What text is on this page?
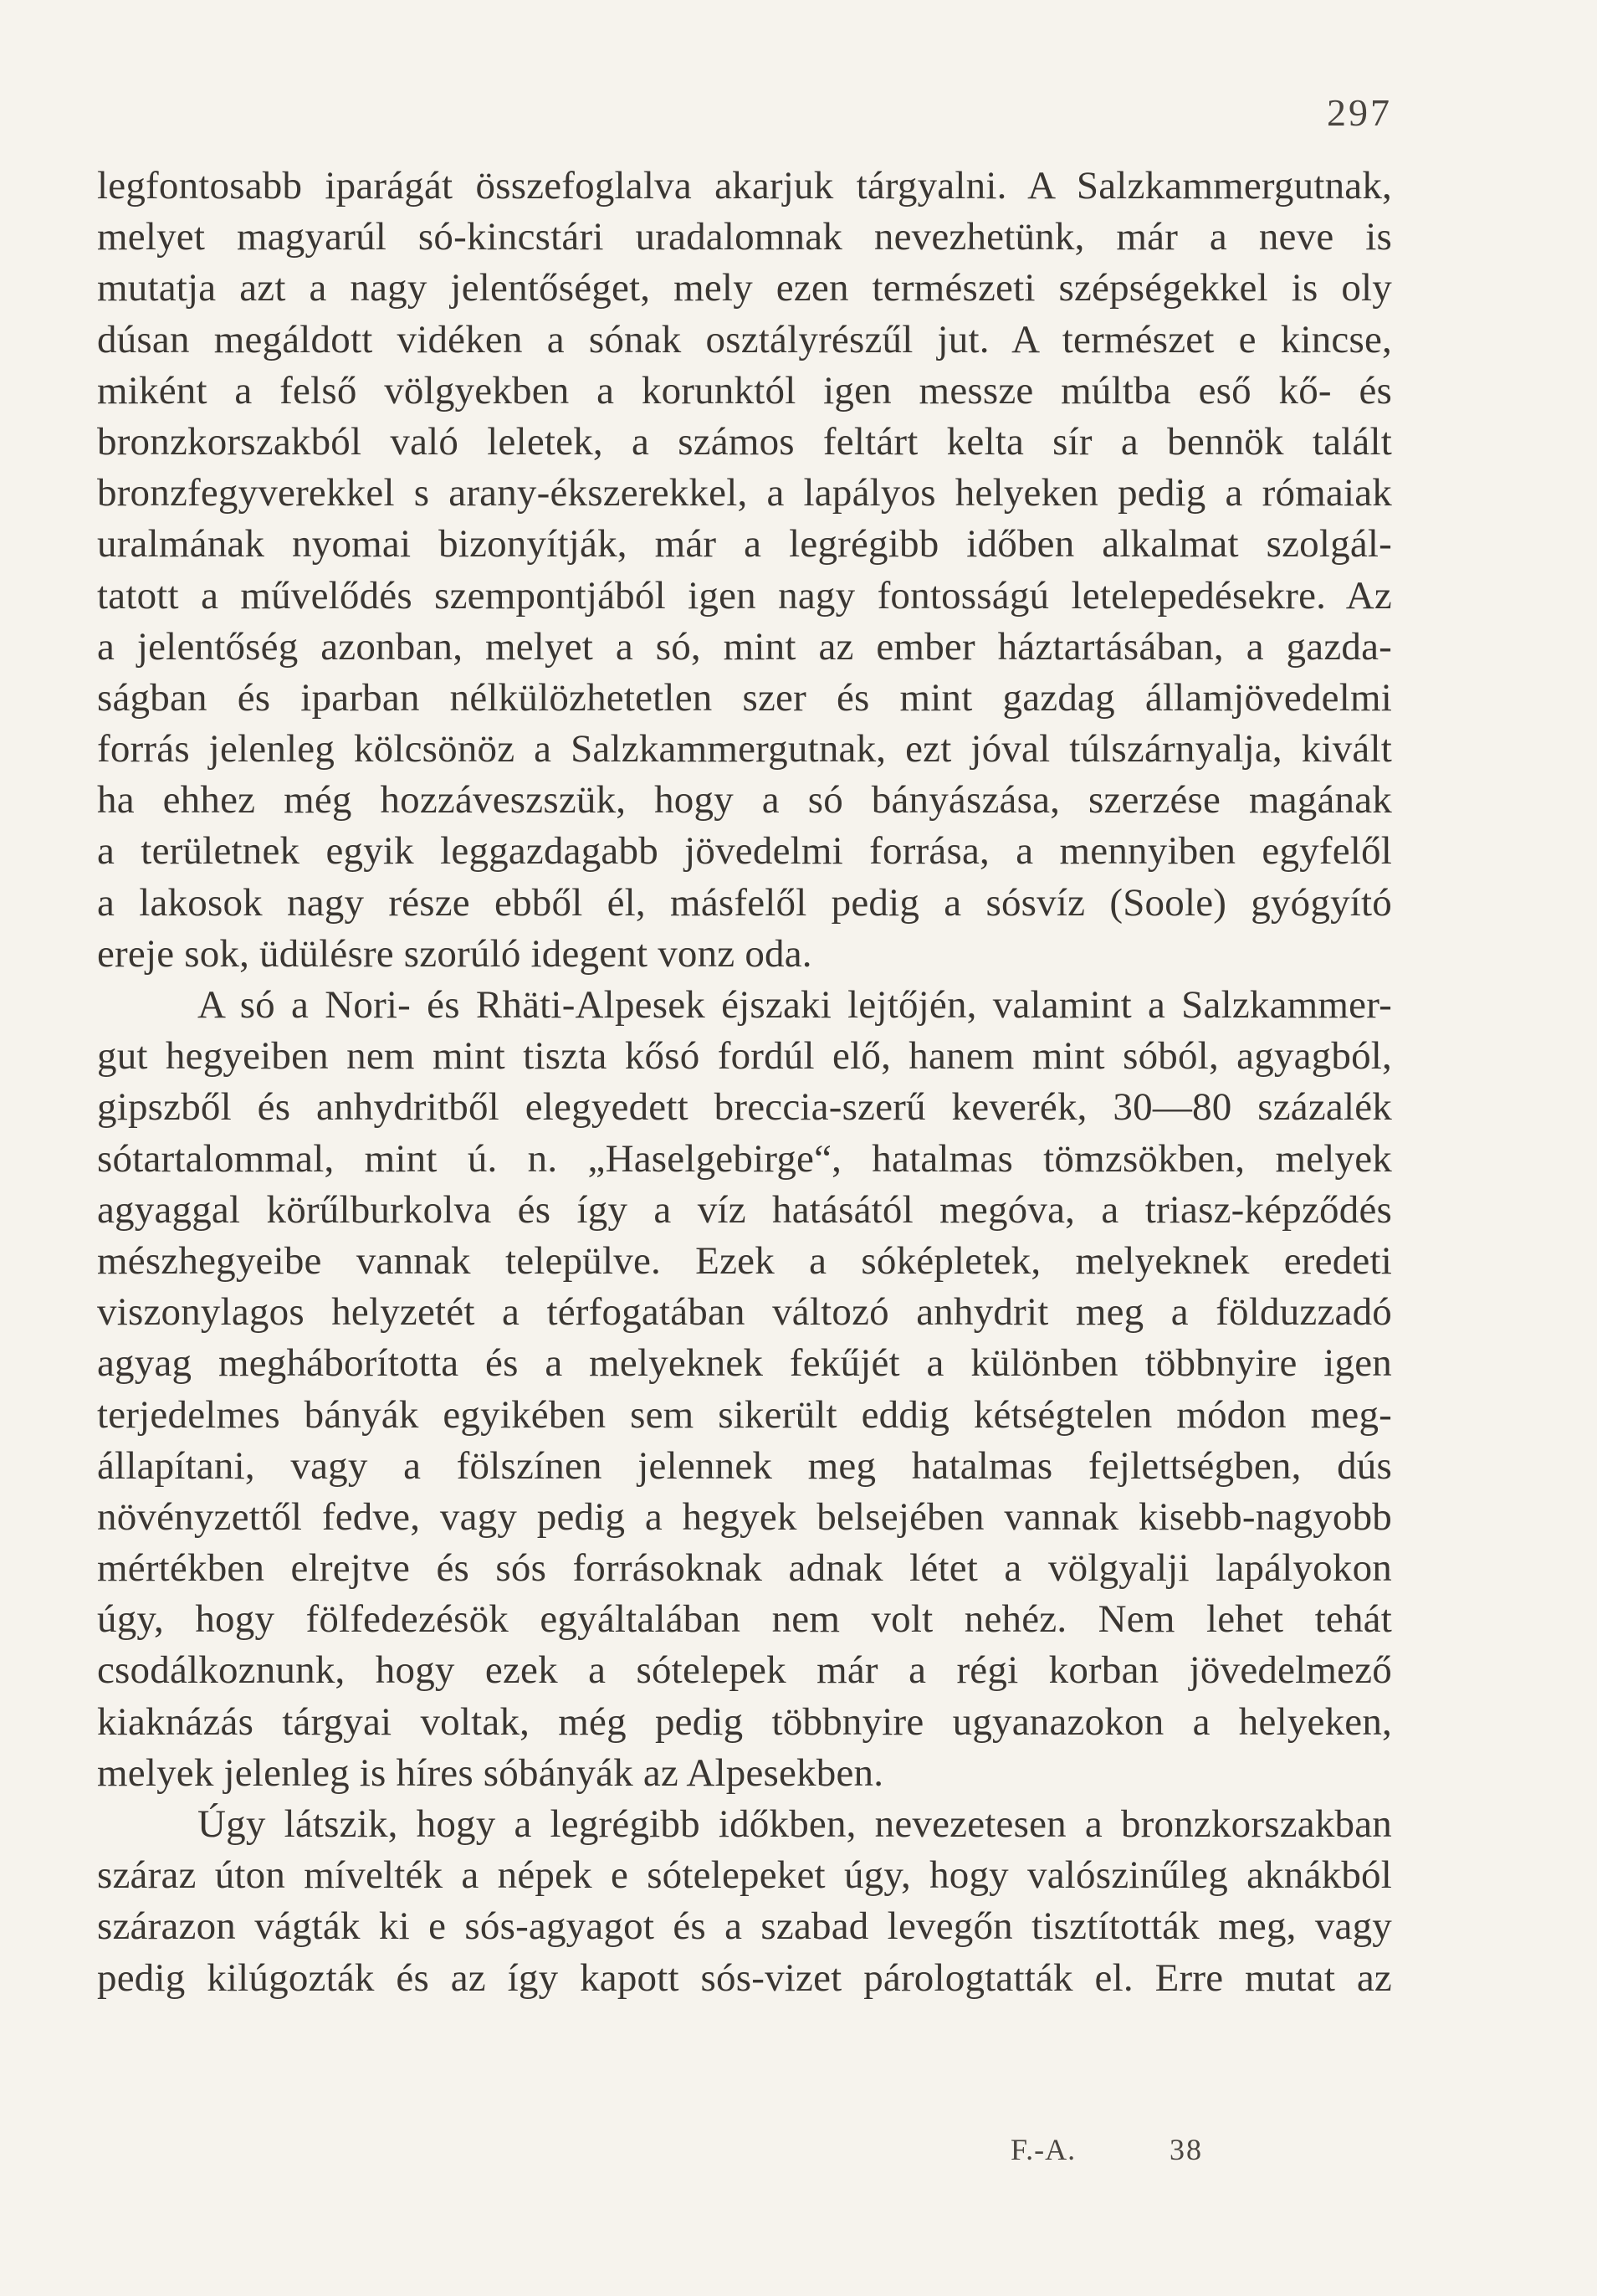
297
legfontosabb iparágát összefoglalva akarjuk tárgyalni. A Salzkammergutnak,
melyet magyarúl só-kincstári uradalomnak nevezhetünk, már a neve is
mutatja azt a nagy jelentőséget, mely ezen természeti szépségekkel is oly
dúsan megáldott vidéken a sónak osztályrészűl jut. A természet e kincse,
miként a felső völgyekben a korunktól igen messze múltba eső kő- és
bronzkorszakból való leletek, a számos feltárt kelta sír a bennök talált
bronzfegyverekkel s arany-ékszerekkel, a lapályos helyeken pedig a rómaiak
uralmának nyomai bizonyítják, már a legrégibb időben alkalmat szolgál-
tatott a művelődés szempontjából igen nagy fontosságú letelepedésekre. Az
a jelentőség azonban, melyet a só, mint az ember háztartásában, a gazda-
ságban és iparban nélkülözhetetlen szer és mint gazdag államjövedelmi
forrás jelenleg kölcsönöz a Salzkammergutnak, ezt jóval túlszárnyalja, kivált
ha ehhez még hozzáveszszük, hogy a só bányászása, szerzése magának
a területnek egyik leggazdagabb jövedelmi forrása, a mennyiben egyfelől
a lakosok nagy része ebből él, másfelől pedig a sósvíz (Soole) gyógyító
ereje sok, üdülésre szorúló idegent vonz oda.
A só a Nori- és Rhäti-Alpesek éjszaki lejtőjén, valamint a Salzkammer-
gut hegyeiben nem mint tiszta kősó fordúl elő, hanem mint sóból, agyagból,
gipszből és anhydritből elegyedett breccia-szerű keverék, 30—80 százalék
sótartalommal, mint ú. n. „Haselgebirge“, hatalmas tömzsökben, melyek
agyaggal körűlburkolva és így a víz hatásától megóva, a triasz-képződés
mészhegyeibe vannak települve. Ezek a sóképletek, melyeknek eredeti
viszonylagos helyzetét a térfogatában változó anhydrit meg a földuzzadó
agyag megháborította és a melyeknek fekűjét a különben többnyire igen
terjedelmes bányák egyikében sem sikerült eddig kétségtelen módon meg-
állapítani, vagy a fölszínen jelennek meg hatalmas fejlettségben, dús
növényzettől fedve, vagy pedig a hegyek belsejében vannak kisebb-nagyobb
mértékben elrejtve és sós forrásoknak adnak létet a völgyalji lapályokon
úgy, hogy fölfedezésök egyáltalában nem volt nehéz. Nem lehet tehát
csodálkoznunk, hogy ezek a sótelepek már a régi korban jövedelmező
kiaknázás tárgyai voltak, még pedig többnyire ugyanazokon a helyeken,
melyek jelenleg is híres sóbányák az Alpesekben.
Úgy látszik, hogy a legrégibb időkben, nevezetesen a bronzkorszakban
száraz úton mívelték a népek e sótelepeket úgy, hogy valószinűleg aknákból
szárazon vágták ki e sós-agyagot és a szabad levegőn tisztították meg, vagy
pedig kilúgozták és az így kapott sós-vizet párologtatták el. Erre mutat az
F.-A.	38
